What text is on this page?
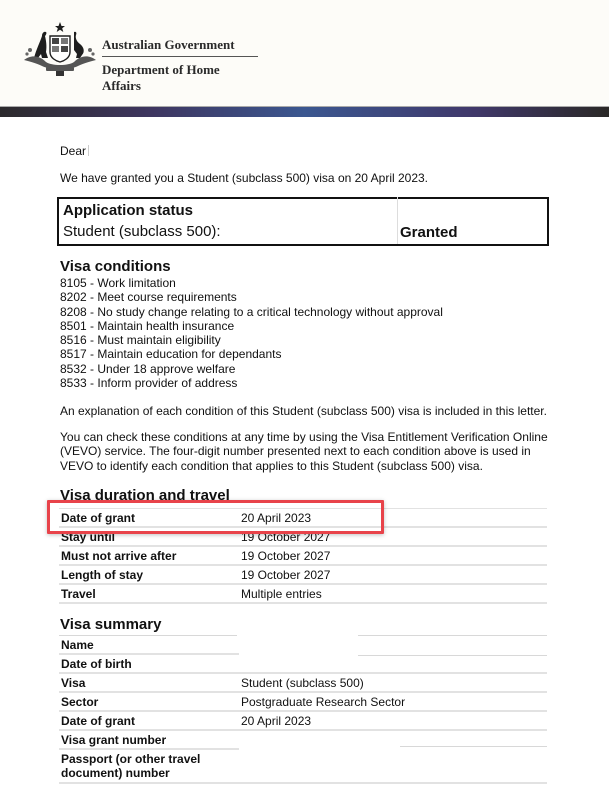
Australian Government
Department of Home Affairs
Dear
We have granted you a Student (subclass 500) visa on 20 April 2023.
Application status
Student (subclass 500):	Granted
Visa conditions
8105 - Work limitation
8202 - Meet course requirements
8208 - No study change relating to a critical technology without approval
8501 - Maintain health insurance
8516 - Must maintain eligibility
8517 - Maintain education for dependants
8532 - Under 18 approve welfare
8533 - Inform provider of address
An explanation of each condition of this Student (subclass 500) visa is included in this letter.
You can check these conditions at any time by using the Visa Entitlement Verification Online (VEVO) service. The four-digit number presented next to each condition above is used in VEVO to identify each condition that applies to this Student (subclass 500) visa.
Visa duration and travel
Date of grant	20 April 2023
Stay until	19 October 2027
Must not arrive after	19 October 2027
Length of stay	19 October 2027
Travel	Multiple entries
Visa summary
Name	
Date of birth	
Visa	Student (subclass 500)
Sector	Postgraduate Research Sector
Date of grant	20 April 2023
Visa grant number	
Passport (or other travel document) number	
